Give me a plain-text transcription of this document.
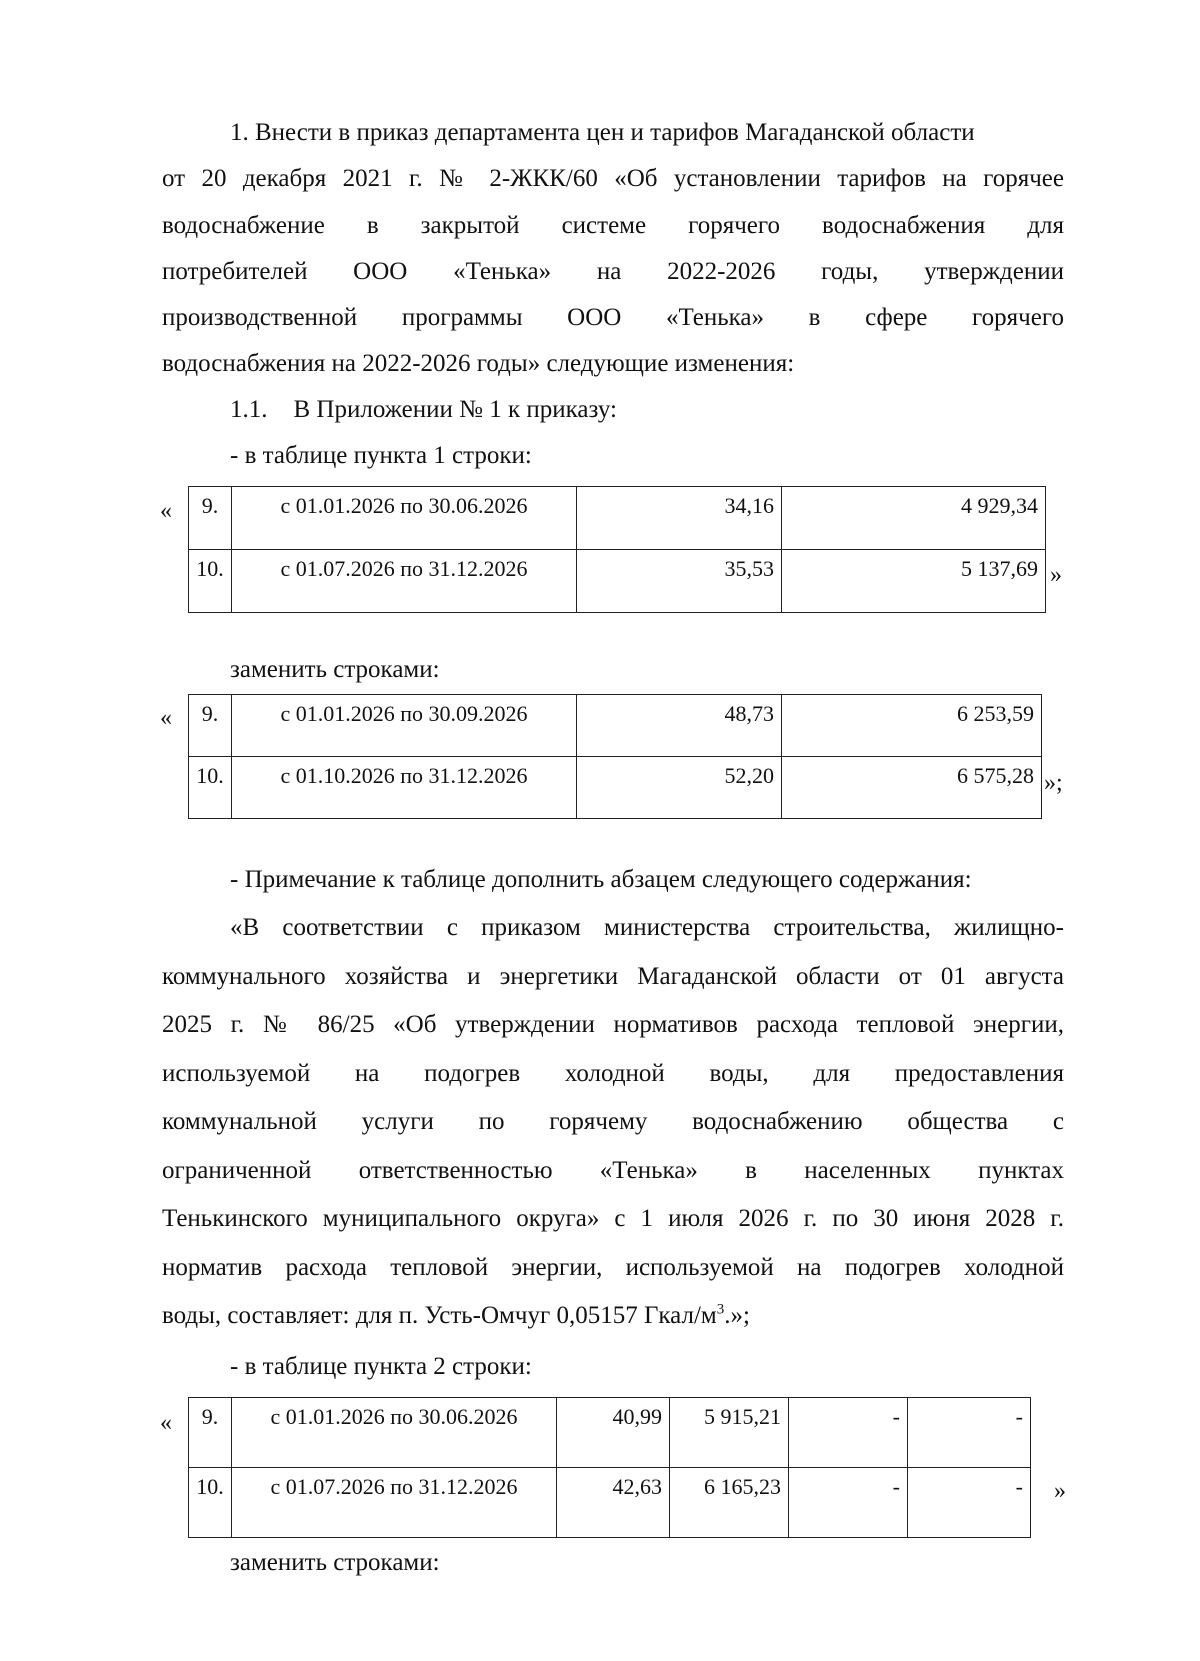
1. Внести в приказ департамента цен и тарифов Магаданской области
от 20 декабря 2021 г. № 2-ЖКК/60 «Об установлении тарифов на горячее
водоснабжение в закрытой системе горячего водоснабжения для
потребителей ООО «Тенька» на 2022-2026 годы, утверждении
производственной программы ООО «Тенька» в сфере горячего
водоснабжения на 2022-2026 годы» следующие изменения:
1.1. В Приложении № 1 к приказу:
- в таблице пункта 1 строки:
« 9.	с 01.01.2026 по 30.06.2026	34,16	4 929,34
10.	с 01.07.2026 по 31.12.2026	35,53	5 137,69 »
заменить строками:
« 9.	с 01.01.2026 по 30.09.2026	48,73	6 253,59
10.	с 01.10.2026 по 31.12.2026	52,20	6 575,28 »;
- Примечание к таблице дополнить абзацем следующего содержания:
«В соответствии с приказом министерства строительства, жилищно-
коммунального хозяйства и энергетики Магаданской области от 01 августа
2025 г. № 86/25 «Об утверждении нормативов расхода тепловой энергии,
используемой на подогрев холодной воды, для предоставления
коммунальной услуги по горячему водоснабжению общества с
ограниченной ответственностью «Тенька» в населенных пунктах
Тенькинского муниципального округа» с 1 июля 2026 г. по 30 июня 2028 г.
норматив расхода тепловой энергии, используемой на подогрев холодной
воды, составляет: для п. Усть-Омчуг 0,05157 Гкал/$м^3$.»;
- в таблице пункта 2 строки:
« 9.	с 01.01.2026 по 30.06.2026	40,99	5 915,21	-	-
10.	с 01.07.2026 по 31.12.2026	42,63	6 165,23	-	- »
заменить строками:
